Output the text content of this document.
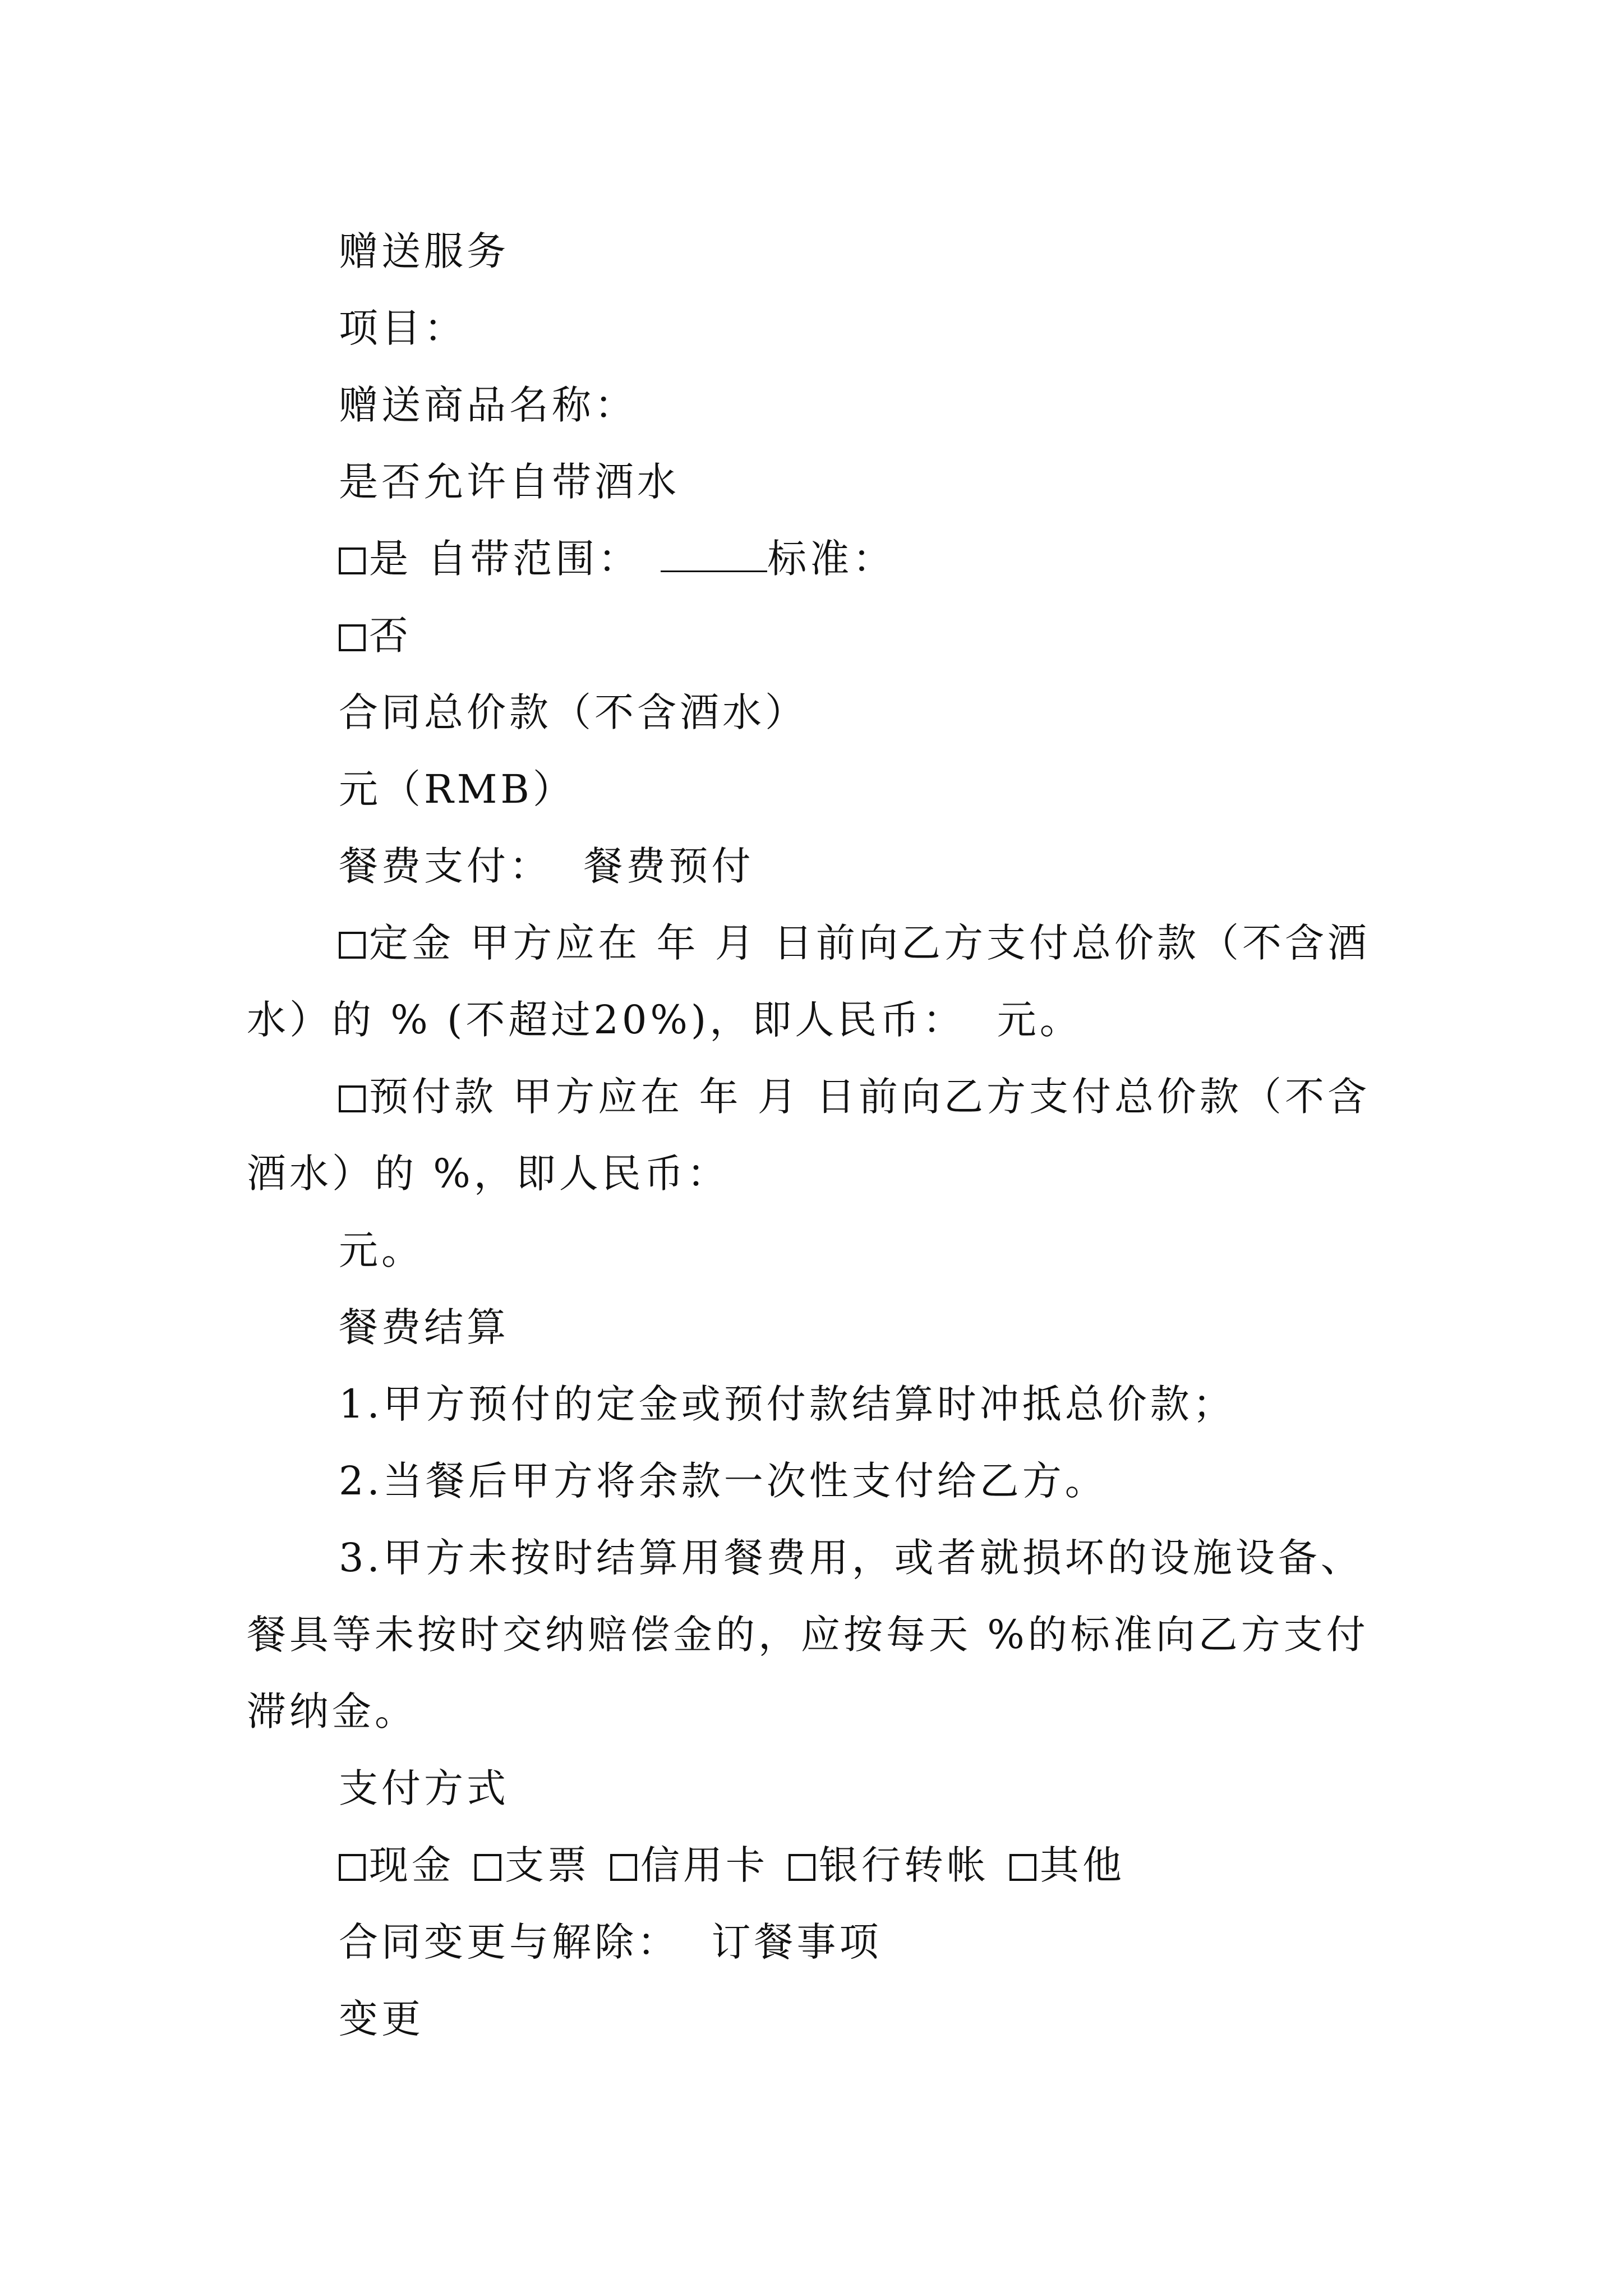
赠送服务

项目：

赠送商品名称：

是否允许自带酒水

是 自带范围：	标准：

否

合同总价款（不含酒水）

元（RMB）

餐费支付：  餐费预付

定金 甲方应在 年 月 日前向乙方支付总价款（不含酒水）的 % (不超过20%)，即人民币：  元。

预付款 甲方应在 年 月 日前向乙方支付总价款（不含酒水）的 %，即人民币：

元。

餐费结算

1.甲方预付的定金或预付款结算时冲抵总价款；

2.当餐后甲方将余款一次性支付给乙方。

3.甲方未按时结算用餐费用，或者就损坏的设施设备、餐具等未按时交纳赔偿金的，应按每天 %的标准向乙方支付滞纳金。

支付方式

现金 支票 信用卡 银行转帐 其他

合同变更与解除：  订餐事项

变更
